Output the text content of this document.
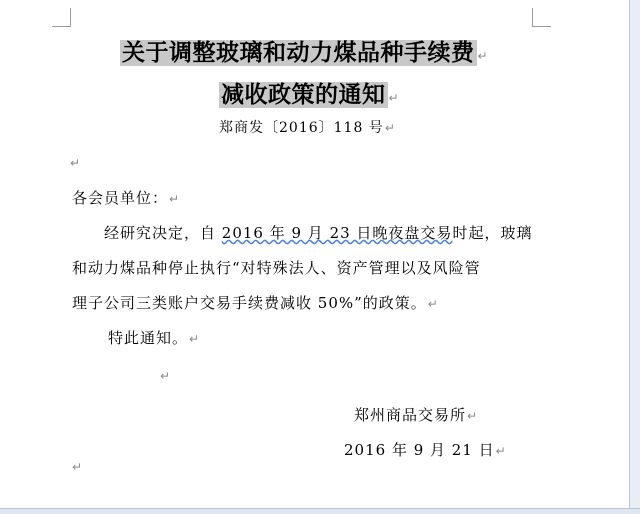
关于调整玻璃和动力煤品种手续费 ↵
减收政策的通知 ↵
郑商发〔2016〕118 号↵
↵
各会员单位：↵
经研究决定，自 2016 年 9 月 23 日晚夜盘交易时起，玻璃
和动力煤品种停止执行“对特殊法人、资产管理以及风险管
理子公司三类账户交易手续费减收 50%”的政策。↵
特此通知。↵
↵
郑州商品交易所↵
2016 年 9 月 21 日↵
↵
